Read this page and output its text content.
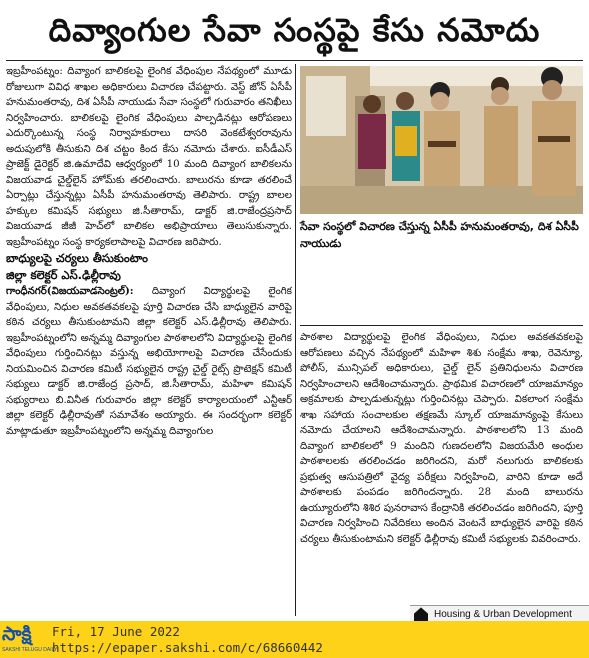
దివ్యాంగుల సేవా సంస్థపై కేసు నమోదు

ఇబ్రహీంపట్నం: దివ్యాంగ బాలికలపై లైంగిక వేధింపుల నేపథ్యంలో మూడు రోజులుగా వివిధ శాఖల అధికారులు విచారణ చేపట్టారు. వెస్ట్ జోన్ ఏసీపీ హనుమంతరావు, దిశ ఏసీపీ నాయుడు సేవా సంస్థలో గురువారం తనిఖీలు నిర్వహించారు. బాలికలపై లైంగిక వేధింపులు పాల్పడినట్లు ఆరోపణలు ఎదుర్కొంటున్న సంస్థ నిర్వాహకురాలు దాసరి వెంకటేశ్వరరావును అదుపులోకి తీసుకుని దిశ చట్టం కింద కేసు నమోదు చేశారు. ఐసీడీఎస్ ప్రాజెక్ట్ డైరెక్టర్ జి.ఉమాదేవి ఆధ్వర్యంలో 10 మంది దివ్యాంగ బాలికలను విజయవాడ చైల్డ్‌లైన్ హోమ్‌కు తరలించారు. బాలురను కూడా తరలించే ఏర్పాట్లు చేస్తున్నట్లు ఏసీపీ హనుమంతరావు తెలిపారు. రాష్ట్ర బాలల హక్కుల కమిషన్ సభ్యులు జి.సీతారామ్, డాక్టర్ జి.రాజేంద్రప్రసాద్ విజయవాడ జీజీ హెచ్‌లో బాలికల అభిప్రాయాలు తెలుసుకున్నారు. ఇబ్రహీంపట్నం సంస్థ కార్యకలాపాలపై విచారణ జరిపారు.

బాధ్యులపై చర్యలు తీసుకుంటాం
జిల్లా కలెక్టర్ ఎస్.ఢిల్లీరావు

గాంధీనగర్(విజయవాడసెంట్రల్): దివ్యాంగ విద్యార్థులపై లైంగిక వేధింపులు, నిధుల అవకతవకలపై పూర్తి విచారణ చేసి బాధ్యులైన వారిపై కఠిన చర్యలు తీసుకుంటామని జిల్లా కలెక్టర్ ఎస్.ఢిల్లీరావు తెలిపారు. ఇబ్రహీంపట్నంలోని అన్నమ్మ దివ్యాంగుల పాఠశాలలోని విద్యార్థులపై లైంగిక వేధింపులు గుర్తించినట్లు వస్తున్న అభియోగాలపై విచారణ చేసేందుకు నియమించిన విచారణ కమిటీ సభ్యులైన రాష్ట్ర చైల్డ్ రైట్స్ ప్రొటెక్షన్ కమిటీ సభ్యులు డాక్టర్ జి.రాజేంద్ర ప్రసాద్, జి.సీతారామ్, మహిళా కమిషన్ సభ్యురాలు బి.వినీత గురువారం జిల్లా కలెక్టర్ కార్యాలయంలో ఎన్టీఆర్ జిల్లా కలెక్టర్ ఢిల్లీరావుతో సమావేశం అయ్యారు. ఈ సందర్భంగా కలెక్టర్ మాట్లాడుతూ ఇబ్రహీంపట్నంలోని అన్నమ్మ దివ్యాంగుల

సేవా సంస్థలో విచారణ చేస్తున్న ఏసీపీ హనుమంతరావు, దిశ ఏసీపీ నాయుడు

పాఠశాల విద్యార్థులపై లైంగిక వేధింపులు, నిధుల అవకతవకలపై ఆరోపణలు వచ్చిన నేపథ్యంలో మహిళా శిశు సంక్షేమ శాఖ, రెవెన్యూ, పోలీస్, మున్సిపల్ అధికారులు, చైల్డ్ లైన్ ప్రతినిధులను విచారణ నిర్వహించాలని ఆదేశించామన్నారు. ప్రాథమిక విచారణలో యాజమాన్యం అక్రమాలకు పాల్పడుతున్నట్లు గుర్తించినట్లు చెప్పారు. వికలాంగ సంక్షేమ శాఖ సహాయ సంచాలకుల తక్షణమే స్కూల్ యాజమాన్యంపై కేసులు నమోదు చేయాలని ఆదేశించామన్నారు. పాఠశాలలోని 13 మంది దివ్యాంగ బాలికలలో 9 మందిని గుణదలలోని విజయమేరి అంధుల పాఠశాలలకు తరలించడం జరిగిందని, మరో నలుగురు బాలికలకు ప్రభుత్వ ఆసుపత్రిలో వైద్య పరీక్షలు నిర్వహించి, వారిని కూడా అదే పాఠశాలకు పంపడం జరిగిందన్నారు. 28 మంది బాలురను ఉయ్యూరులోని శిశిర పునరావాస కేంద్రానికి తరలించడం జరిగిందని, పూర్తి విచారణ నిర్వహించి నివేదికలు అందిన వెంటనే బాధ్యులైన వారిపై కఠిన చర్యలు తీసుకుంటామని కలెక్టర్ ఢిల్లీరావు కమిటీ సభ్యులకు వివరించారు.

Housing & Urban Development
సాక్షి
SAKSHI TELUGU DAILY
Fri, 17 June 2022
https://epaper.sakshi.com/c/68660442
